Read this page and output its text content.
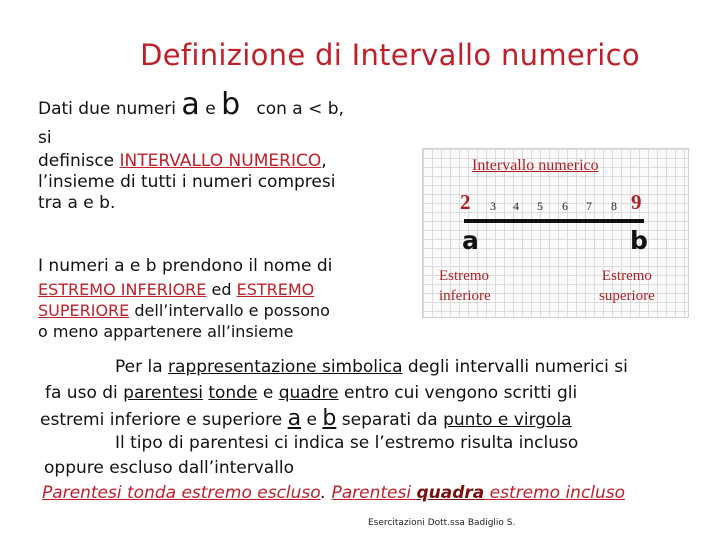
Definizione di Intervallo numerico
Dati due numeri a e b con a < b,
si
definisce INTERVALLO NUMERICO,
l’insieme di tutti i numeri compresi
tra a e b.
I numeri a e b prendono il nome di
ESTREMO INFERIORE ed ESTREMO
SUPERIORE dell’intervallo e possono
o meno appartenere all’insieme
Intervallo numerico
2 3 4 5 6 7 8 9
a	b
Estremo
inferiore
Estremo
superiore
Per la rappresentazione simbolica degli intervalli numerici si
fa uso di parentesi tonde e quadre entro cui vengono scritti gli
estremi inferiore e superiore a e b separati da punto e virgola
Il tipo di parentesi ci indica se l’estremo risulta incluso
oppure escluso dall’intervallo
Parentesi tonda estremo escluso. Parentesi quadra estremo incluso
Esercitazioni Dott.ssa Badiglio S.
